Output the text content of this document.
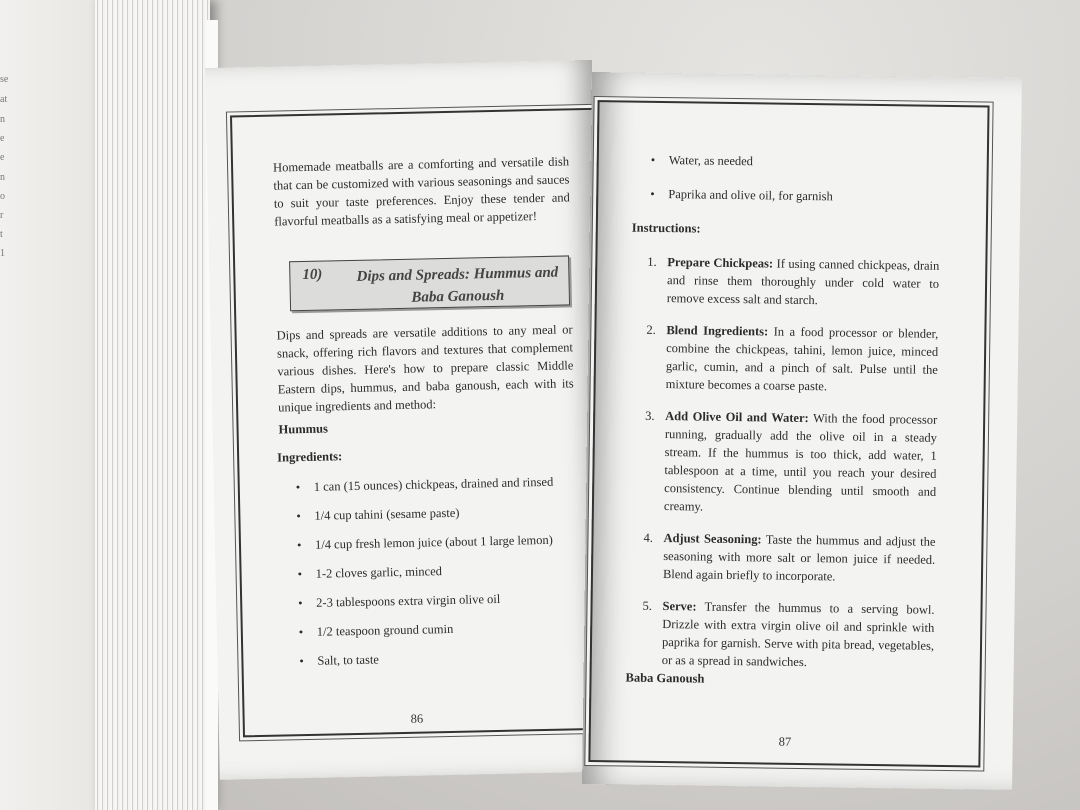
se
at
n
e
e
n
o
r
t
1

Homemade meatballs are a comforting and versatile dish that can be customized with various seasonings and sauces to suit your taste preferences. Enjoy these tender and flavorful meatballs as a satisfying meal or appetizer!

10) Dips and Spreads: Hummus and Baba Ganoush

Dips and spreads are versatile additions to any meal or snack, offering rich flavors and textures that complement various dishes. Here's how to prepare classic Middle Eastern dips, hummus, and baba ganoush, each with its unique ingredients and method:

Hummus
Ingredients:
• 1 can (15 ounces) chickpeas, drained and rinsed
• 1/4 cup tahini (sesame paste)
• 1/4 cup fresh lemon juice (about 1 large lemon)
• 1-2 cloves garlic, minced
• 2-3 tablespoons extra virgin olive oil
• 1/2 teaspoon ground cumin
• Salt, to taste
86
• Water, as needed
• Paprika and olive oil, for garnish
Instructions:
1. Prepare Chickpeas: If using canned chickpeas, drain and rinse them thoroughly under cold water to remove excess salt and starch.
2. Blend Ingredients: In a food processor or blender, combine the chickpeas, tahini, lemon juice, minced garlic, cumin, and a pinch of salt. Pulse until the mixture becomes a coarse paste.
3. Add Olive Oil and Water: With the food processor running, gradually add the olive oil in a steady stream. If the hummus is too thick, add water, 1 tablespoon at a time, until you reach your desired consistency. Continue blending until smooth and creamy.
4. Adjust Seasoning: Taste the hummus and adjust the seasoning with more salt or lemon juice if needed. Blend again briefly to incorporate.
5. Serve: Transfer the hummus to a serving bowl. Drizzle with extra virgin olive oil and sprinkle with paprika for garnish. Serve with pita bread, vegetables, or as a spread in sandwiches.
Baba Ganoush
87
